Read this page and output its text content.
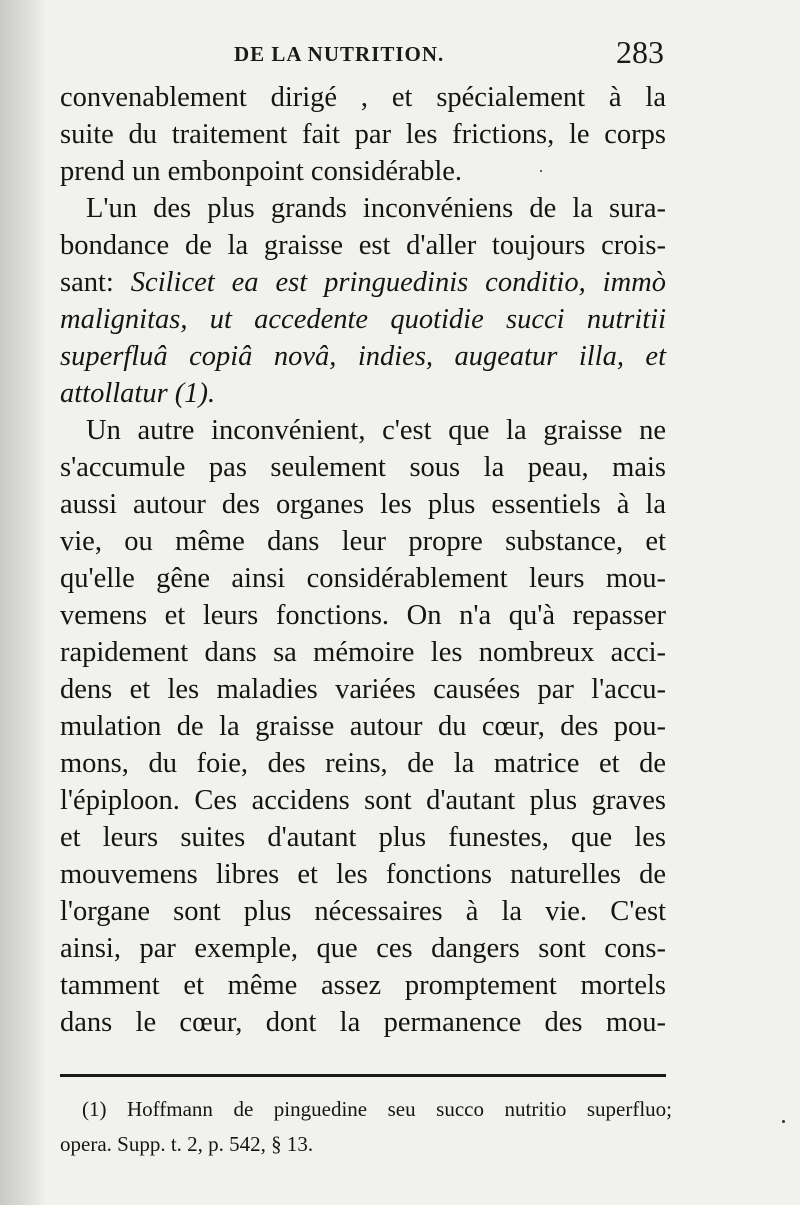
DE LA NUTRITION.	283
convenablement dirigé , et spécialement à la
suite du traitement fait par les frictions, le corps
prend un embonpoint considérable.
L'un des plus grands inconvéniens de la sura-
bondance de la graisse est d'aller toujours crois-
sant: Scilicet ea est pringuedinis conditio, immò
malignitas, ut accedente quotidie succi nutritii
superfluâ copiâ novâ, indies, augeatur illa, et
attollatur (1).
Un autre inconvénient, c'est que la graisse ne
s'accumule pas seulement sous la peau, mais
aussi autour des organes les plus essentiels à la
vie, ou même dans leur propre substance, et
qu'elle gêne ainsi considérablement leurs mou-
vemens et leurs fonctions. On n'a qu'à repasser
rapidement dans sa mémoire les nombreux acci-
dens et les maladies variées causées par l'accu-
mulation de la graisse autour du cœur, des pou-
mons, du foie, des reins, de la matrice et de
l'épiploon. Ces accidens sont d'autant plus graves
et leurs suites d'autant plus funestes, que les
mouvemens libres et les fonctions naturelles de
l'organe sont plus nécessaires à la vie. C'est
ainsi, par exemple, que ces dangers sont cons-
tamment et même assez promptement mortels
dans le cœur, dont la permanence des mou-
(1) Hoffmann de pinguedine seu succo nutritio superfluo;
opera. Supp. t. 2, p. 542, § 13.
